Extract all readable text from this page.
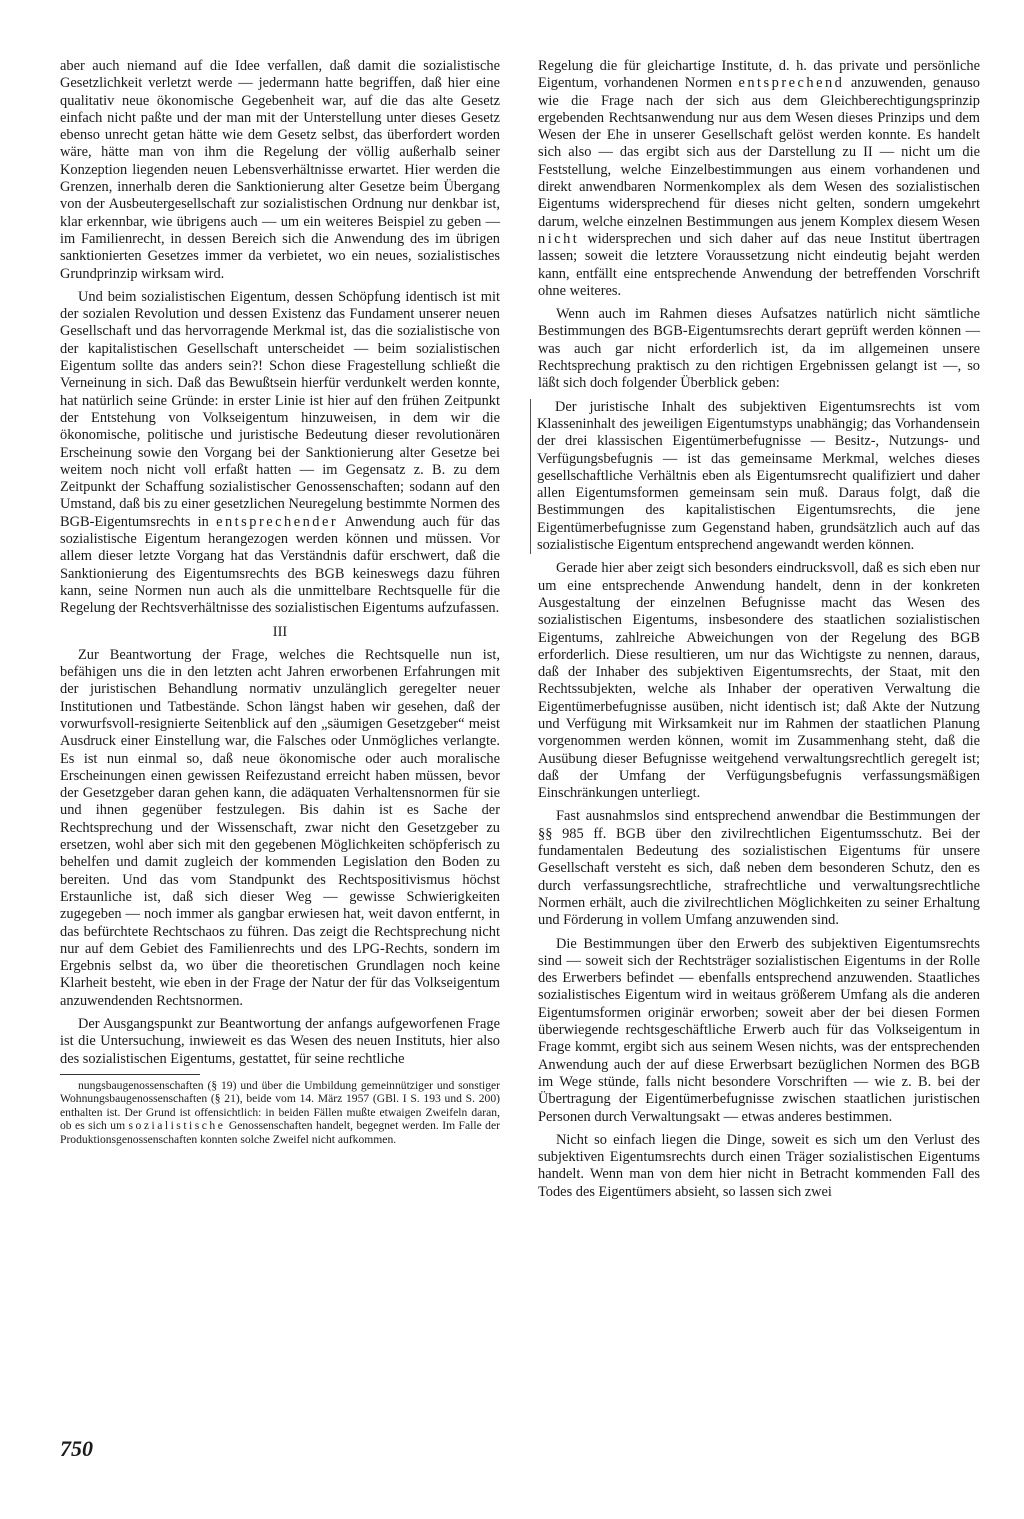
aber auch niemand auf die Idee verfallen, daß damit die sozialistische Gesetzlichkeit verletzt werde — jedermann hatte begriffen, daß hier eine qualitativ neue ökonomische Gegebenheit war, auf die das alte Gesetz einfach nicht paßte und der man mit der Unterstellung unter dieses Gesetz ebenso unrecht getan hätte wie dem Gesetz selbst, das überfordert worden wäre, hätte man von ihm die Regelung der völlig außerhalb seiner Konzeption liegenden neuen Lebensverhältnisse erwartet. Hier werden die Grenzen, innerhalb deren die Sanktionierung alter Gesetze beim Übergang von der Ausbeutergesellschaft zur sozialistischen Ordnung nur denkbar ist, klar erkennbar, wie übrigens auch — um ein weiteres Beispiel zu geben — im Familienrecht, in dessen Bereich sich die Anwendung des im übrigen sanktionierten Gesetzes immer da verbietet, wo ein neues, sozialistisches Grundprinzip wirksam wird.

Und beim sozialistischen Eigentum, dessen Schöpfung identisch ist mit der sozialen Revolution und dessen Existenz das Fundament unserer neuen Gesellschaft und das hervorragende Merkmal ist, das die sozialistische von der kapitalistischen Gesellschaft unterscheidet — beim sozialistischen Eigentum sollte das anders sein?! Schon diese Fragestellung schließt die Verneinung in sich. Daß das Bewußtsein hierfür verdunkelt werden konnte, hat natürlich seine Gründe: in erster Linie ist hier auf den frühen Zeitpunkt der Entstehung von Volkseigentum hinzuweisen, in dem wir die ökonomische, politische und juristische Bedeutung dieser revolutionären Erscheinung sowie den Vorgang bei der Sanktionierung alter Gesetze bei weitem noch nicht voll erfaßt hatten — im Gegensatz z. B. zu dem Zeitpunkt der Schaffung sozialistischer Genossenschaften; sodann auf den Umstand, daß bis zu einer gesetzlichen Neuregelung bestimmte Normen des BGB-Eigentumsrechts in entsprechender Anwendung auch für das sozialistische Eigentum herangezogen werden können und müssen. Vor allem dieser letzte Vorgang hat das Verständnis dafür erschwert, daß die Sanktionierung des Eigentumsrechts des BGB keineswegs dazu führen kann, seine Normen nun auch als die unmittelbare Rechtsquelle für die Regelung der Rechtsverhältnisse des sozialistischen Eigentums aufzufassen.

III

Zur Beantwortung der Frage, welches die Rechtsquelle nun ist, befähigen uns die in den letzten acht Jahren erworbenen Erfahrungen mit der juristischen Behandlung normativ unzulänglich geregelter neuer Institutionen und Tatbestände. Schon längst haben wir gesehen, daß der vorwurfsvoll-resignierte Seitenblick auf den „säumigen Gesetzgeber“ meist Ausdruck einer Einstellung war, die Falsches oder Unmögliches verlangte. Es ist nun einmal so, daß neue ökonomische oder auch moralische Erscheinungen einen gewissen Reifezustand erreicht haben müssen, bevor der Gesetzgeber daran gehen kann, die adäquaten Verhaltensnormen für sie und ihnen gegenüber festzulegen. Bis dahin ist es Sache der Rechtsprechung und der Wissenschaft, zwar nicht den Gesetzgeber zu ersetzen, wohl aber sich mit den gegebenen Möglichkeiten schöpferisch zu behelfen und damit zugleich der kommenden Legislation den Boden zu bereiten. Und das vom Standpunkt des Rechtspositivismus höchst Erstaunliche ist, daß sich dieser Weg — gewisse Schwierigkeiten zugegeben — noch immer als gangbar erwiesen hat, weit davon entfernt, in das befürchtete Rechtschaos zu führen. Das zeigt die Rechtsprechung nicht nur auf dem Gebiet des Familienrechts und des LPG-Rechts, sondern im Ergebnis selbst da, wo über die theoretischen Grundlagen noch keine Klarheit besteht, wie eben in der Frage der Natur der für das Volkseigentum anzuwendenden Rechtsnormen.

Der Ausgangspunkt zur Beantwortung der anfangs aufgeworfenen Frage ist die Untersuchung, inwieweit es das Wesen des neuen Instituts, hier also des sozialistischen Eigentums, gestattet, für seine rechtliche

nungsbaugenossenschaften (§ 19) und über die Umbildung gemeinnütziger und sonstiger Wohnungsbaugenossenschaften (§ 21), beide vom 14. März 1957 (GBl. I S. 193 und S. 200) enthalten ist. Der Grund ist offensichtlich: in beiden Fällen mußte etwaigen Zweifeln daran, ob es sich um sozialistische Genossenschaften handelt, begegnet werden. Im Falle der Produktionsgenossenschaften konnten solche Zweifel nicht aufkommen.

Regelung die für gleichartige Institute, d. h. das private und persönliche Eigentum, vorhandenen Normen entsprechend anzuwenden, genauso wie die Frage nach der sich aus dem Gleichberechtigungsprinzip ergebenden Rechtsanwendung nur aus dem Wesen dieses Prinzips und dem Wesen der Ehe in unserer Gesellschaft gelöst werden konnte. Es handelt sich also — das ergibt sich aus der Darstellung zu II — nicht um die Feststellung, welche Einzelbestimmungen aus einem vorhandenen und direkt anwendbaren Normenkomplex als dem Wesen des sozialistischen Eigentums widersprechend für dieses nicht gelten, sondern umgekehrt darum, welche einzelnen Bestimmungen aus jenem Komplex diesem Wesen nicht widersprechen und sich daher auf das neue Institut übertragen lassen; soweit die letztere Voraussetzung nicht eindeutig bejaht werden kann, entfällt eine entsprechende Anwendung der betreffenden Vorschrift ohne weiteres.

Wenn auch im Rahmen dieses Aufsatzes natürlich nicht sämtliche Bestimmungen des BGB-Eigentumsrechts derart geprüft werden können — was auch gar nicht erforderlich ist, da im allgemeinen unsere Rechtsprechung praktisch zu den richtigen Ergebnissen gelangt ist —, so läßt sich doch folgender Überblick geben:

Der juristische Inhalt des subjektiven Eigentumsrechts ist vom Klasseninhalt des jeweiligen Eigentumstyps unabhängig; das Vorhandensein der drei klassischen Eigentümerbefugnisse — Besitz-, Nutzungs- und Verfügungsbefugnis — ist das gemeinsame Merkmal, welches dieses gesellschaftliche Verhältnis eben als Eigentumsrecht qualifiziert und daher allen Eigentumsformen gemeinsam sein muß. Daraus folgt, daß die Bestimmungen des kapitalistischen Eigentumsrechts, die jene Eigentümerbefugnisse zum Gegenstand haben, grundsätzlich auch auf das sozialistische Eigentum entsprechend angewandt werden können.

Gerade hier aber zeigt sich besonders eindrucksvoll, daß es sich eben nur um eine entsprechende Anwendung handelt, denn in der konkreten Ausgestaltung der einzelnen Befugnisse macht das Wesen des sozialistischen Eigentums, insbesondere des staatlichen sozialistischen Eigentums, zahlreiche Abweichungen von der Regelung des BGB erforderlich. Diese resultieren, um nur das Wichtigste zu nennen, daraus, daß der Inhaber des subjektiven Eigentumsrechts, der Staat, mit den Rechtssubjekten, welche als Inhaber der operativen Verwaltung die Eigentümerbefugnisse ausüben, nicht identisch ist; daß Akte der Nutzung und Verfügung mit Wirksamkeit nur im Rahmen der staatlichen Planung vorgenommen werden können, womit im Zusammenhang steht, daß die Ausübung dieser Befugnisse weitgehend verwaltungsrechtlich geregelt ist; daß der Umfang der Verfügungsbefugnis verfassungsmäßigen Einschränkungen unterliegt.

Fast ausnahmslos sind entsprechend anwendbar die Bestimmungen der §§ 985 ff. BGB über den zivilrechtlichen Eigentumsschutz. Bei der fundamentalen Bedeutung des sozialistischen Eigentums für unsere Gesellschaft versteht es sich, daß neben dem besonderen Schutz, den es durch verfassungsrechtliche, strafrechtliche und verwaltungsrechtliche Normen erhält, auch die zivilrechtlichen Möglichkeiten zu seiner Erhaltung und Förderung in vollem Umfang anzuwenden sind.

Die Bestimmungen über den Erwerb des subjektiven Eigentumsrechts sind — soweit sich der Rechtsträger sozialistischen Eigentums in der Rolle des Erwerbers befindet — ebenfalls entsprechend anzuwenden. Staatliches sozialistisches Eigentum wird in weitaus größerem Umfang als die anderen Eigentumsformen originär erworben; soweit aber der bei diesen Formen überwiegende rechtsgeschäftliche Erwerb auch für das Volkseigentum in Frage kommt, ergibt sich aus seinem Wesen nichts, was der entsprechenden Anwendung auch der auf diese Erwerbsart bezüglichen Normen des BGB im Wege stünde, falls nicht besondere Vorschriften — wie z. B. bei der Übertragung der Eigentümerbefugnisse zwischen staatlichen juristischen Personen durch Verwaltungsakt — etwas anderes bestimmen.

Nicht so einfach liegen die Dinge, soweit es sich um den Verlust des subjektiven Eigentumsrechts durch einen Träger sozialistischen Eigentums handelt. Wenn man von dem hier nicht in Betracht kommenden Fall des Todes des Eigentümers absieht, so lassen sich zwei

750
